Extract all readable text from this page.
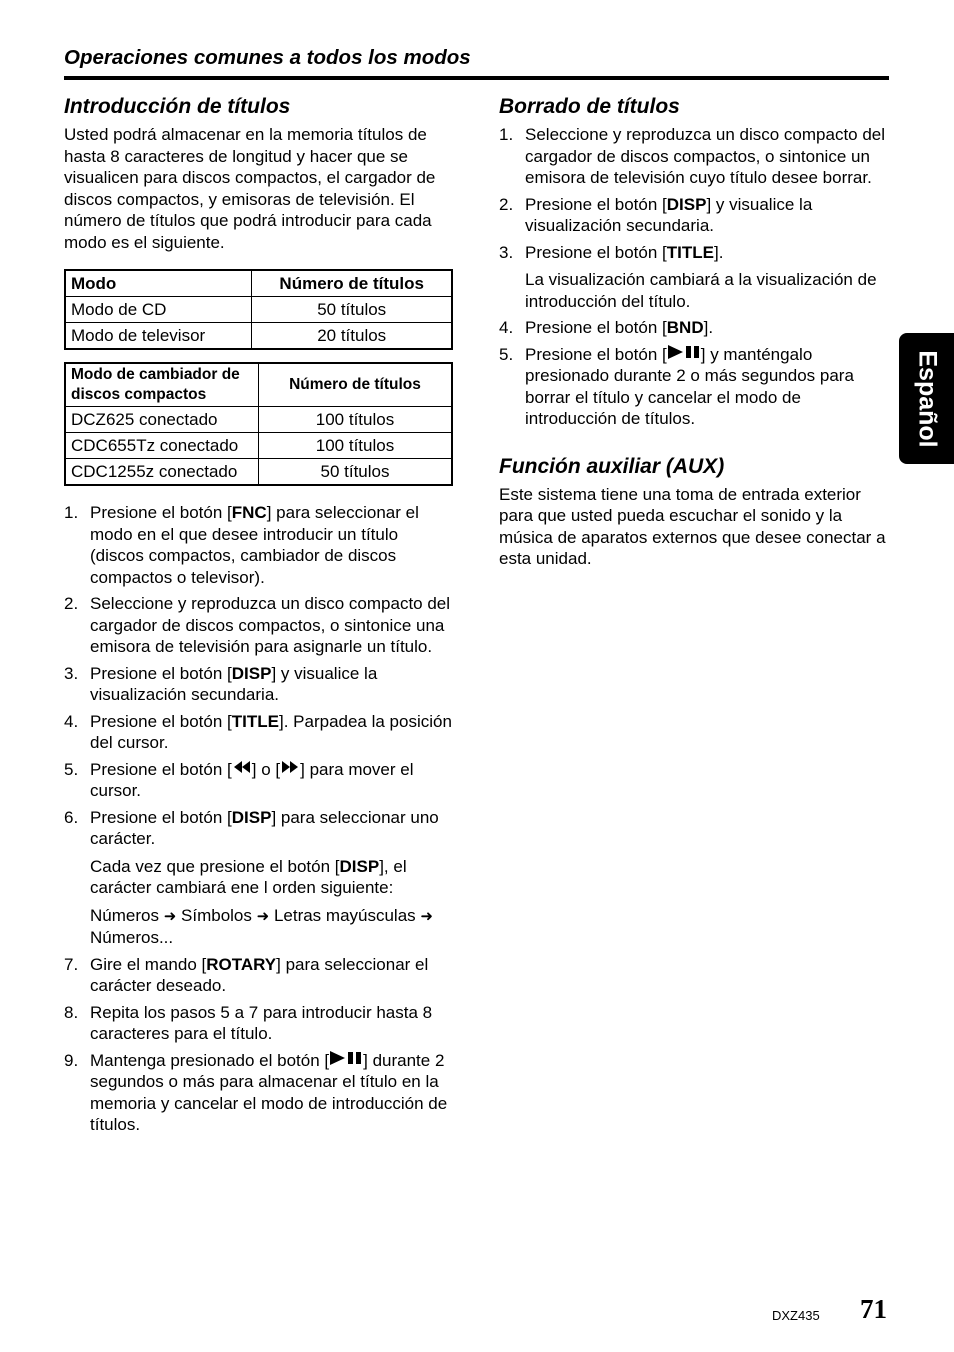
Operaciones comunes a todos los modos
Introducción de títulos

Usted podrá almacenar en la memoria títulos de hasta 8 caracteres de longitud y hacer que se visualicen para discos compactos, el cargador de discos compactos, y emisoras de televisión. El número de títulos que podrá introducir para cada modo es el siguiente.

Modo	Número de títulos
Modo de CD	50 títulos
Modo de televisor	20 títulos
Modo de cambiador de discos compactos	Número de títulos
DCZ625 conectado	100 títulos
CDC655Tz conectado	100 títulos
CDC1255z conectado	50 títulos
1. Presione el botón [FNC] para seleccionar el modo en el que desee introducir un título (discos compactos, cambiador de discos compactos o televisor).
2. Seleccione y reproduzca un disco compacto del cargador de discos compactos, o sintonice una emisora de televisión para asignarle un título.
3. Presione el botón [DISP] y visualice la visualización secundaria.
4. Presione el botón [TITLE]. Parpadea la posición del cursor.
5. Presione el botón [ ] o [ ] para mover el cursor.
6. Presione el botón [DISP] para seleccionar uno carácter.
Cada vez que presione el botón [DISP], el carácter cambiará ene l orden siguiente:
Números ➜ Símbolos ➜ Letras mayúsculas ➜ Números...
7. Gire el mando [ROTARY] para seleccionar el carácter deseado.
8. Repita los pasos 5 a 7 para introducir hasta 8 caracteres para el título.
9. Mantenga presionado el botón [ ] durante 2 segundos o más para almacenar el título en la memoria y cancelar el modo de introducción de títulos.
Borrado de títulos
1. Seleccione y reproduzca un disco compacto del cargador de discos compactos, o sintonice un emisora de televisión cuyo título desee borrar.
2. Presione el botón [DISP] y visualice la visualización secundaria.
3. Presione el botón [TITLE].
La visualización cambiará a la visualización de introducción del título.
4. Presione el botón [BND].
5. Presione el botón [ ] y manténgalo presionado durante 2 o más segundos para borrar el título y cancelar el modo de introducción de títulos.
Función auxiliar (AUX)

Este sistema tiene una toma de entrada exterior para que usted pueda escuchar el sonido y la música de aparatos externos que desee conectar a esta unidad.

Español
DXZ435 71
